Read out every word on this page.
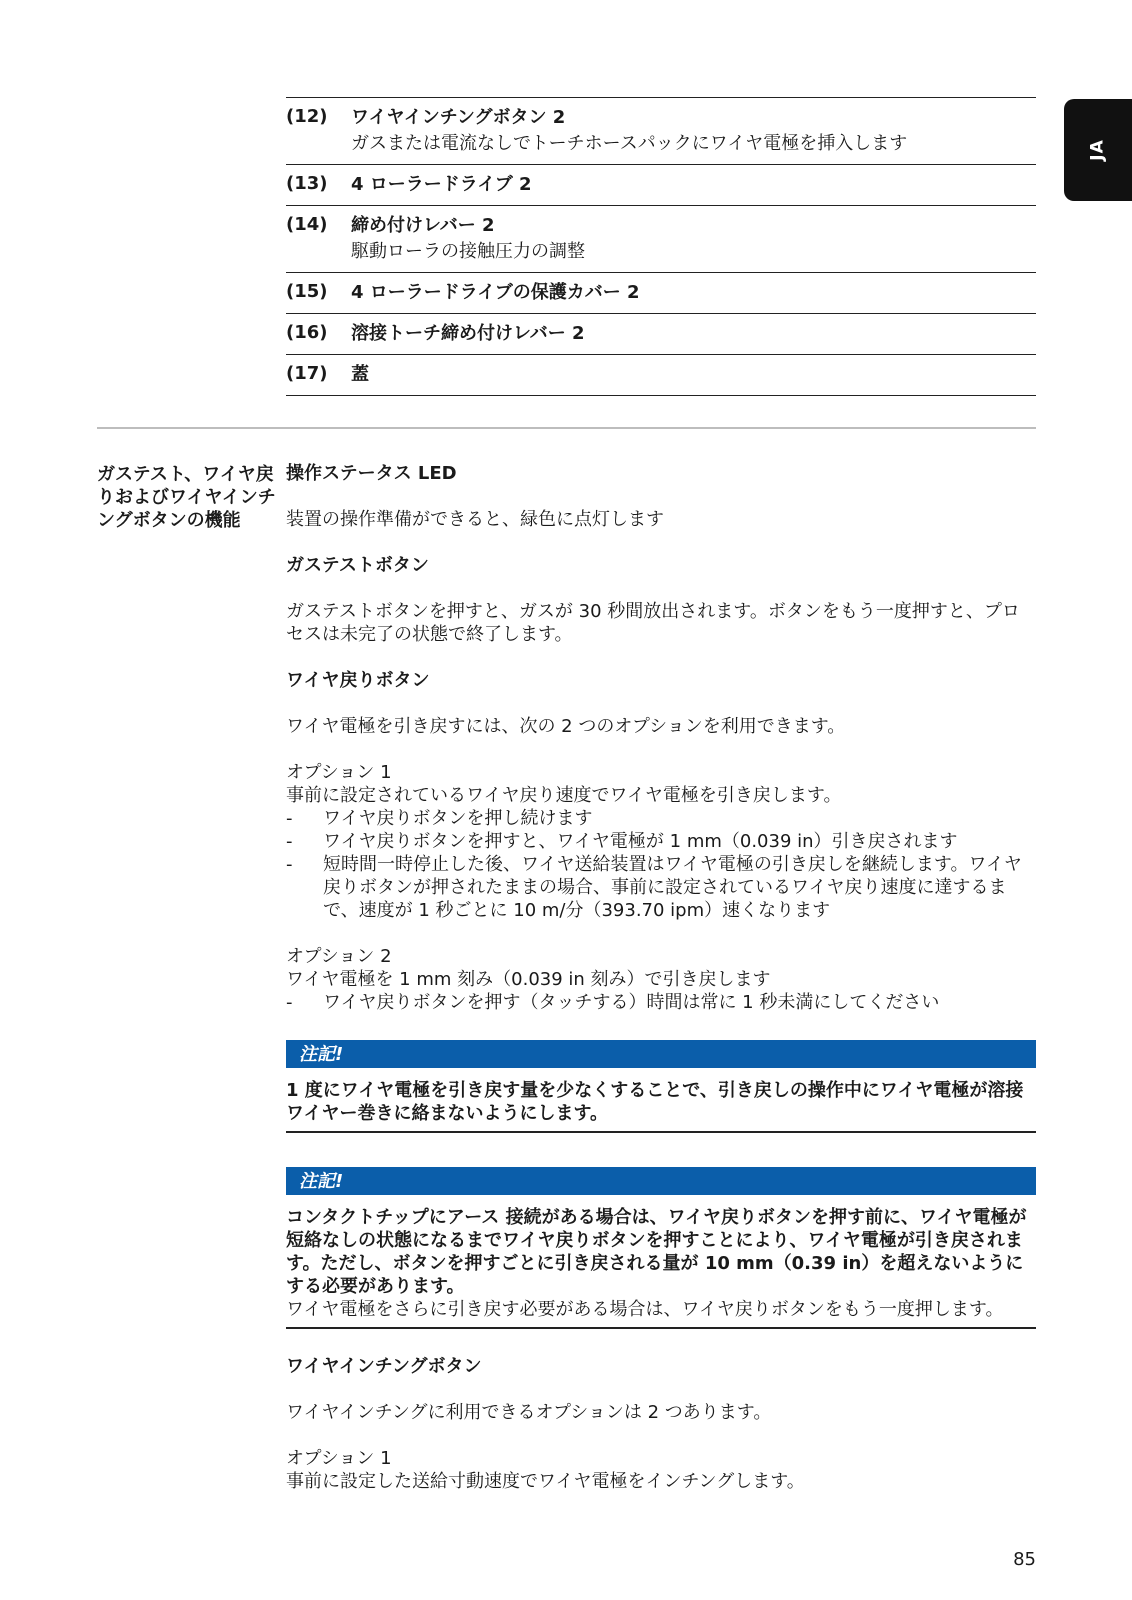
JA
(12)	ワイヤインチングボタン 2
ガスまたは電流なしでトーチホースパックにワイヤ電極を挿入します
(13)	4 ローラードライブ 2
(14)	締め付けレバー 2
駆動ローラの接触圧力の調整
(15)	4 ローラードライブの保護カバー 2
(16)	溶接トーチ締め付けレバー 2
(17)	蓋
ガステスト、ワイヤ戻りおよびワイヤインチングボタンの機能

操作ステータス LED

装置の操作準備ができると、緑色に点灯します

ガステストボタン

ガステストボタンを押すと、ガスが 30 秒間放出されます。ボタンをもう一度押すと、プロセスは未完了の状態で終了します。

ワイヤ戻りボタン

ワイヤ電極を引き戻すには、次の 2 つのオプションを利用できます。

オプション 1

事前に設定されているワイヤ戻り速度でワイヤ電極を引き戻します。

-	ワイヤ戻りボタンを押し続けます
-	ワイヤ戻りボタンを押すと、ワイヤ電極が 1 mm（0.039 in）引き戻されます
-	短時間一時停止した後、ワイヤ送給装置はワイヤ電極の引き戻しを継続します。ワイヤ戻りボタンが押されたままの場合、事前に設定されているワイヤ戻り速度に達するまで、速度が 1 秒ごとに 10 m/分（393.70 ipm）速くなります

オプション 2

ワイヤ電極を 1 mm 刻み（0.039 in 刻み）で引き戻します

-	ワイヤ戻りボタンを押す（タッチする）時間は常に 1 秒未満にしてください
注記!

1 度にワイヤ電極を引き戻す量を少なくすることで、引き戻しの操作中にワイヤ電極が溶接ワイヤー巻きに絡まないようにします。

注記!

コンタクトチップにアース 接続がある場合は、ワイヤ戻りボタンを押す前に、ワイヤ電極が短絡なしの状態になるまでワイヤ戻りボタンを押すことにより、ワイヤ電極が引き戻されます。ただし、ボタンを押すごとに引き戻される量が 10 mm（0.39 in）を超えないようにする必要があります。

ワイヤ電極をさらに引き戻す必要がある場合は、ワイヤ戻りボタンをもう一度押します。

ワイヤインチングボタン

ワイヤインチングに利用できるオプションは 2 つあります。

オプション 1

事前に設定した送給寸動速度でワイヤ電極をインチングします。

85
